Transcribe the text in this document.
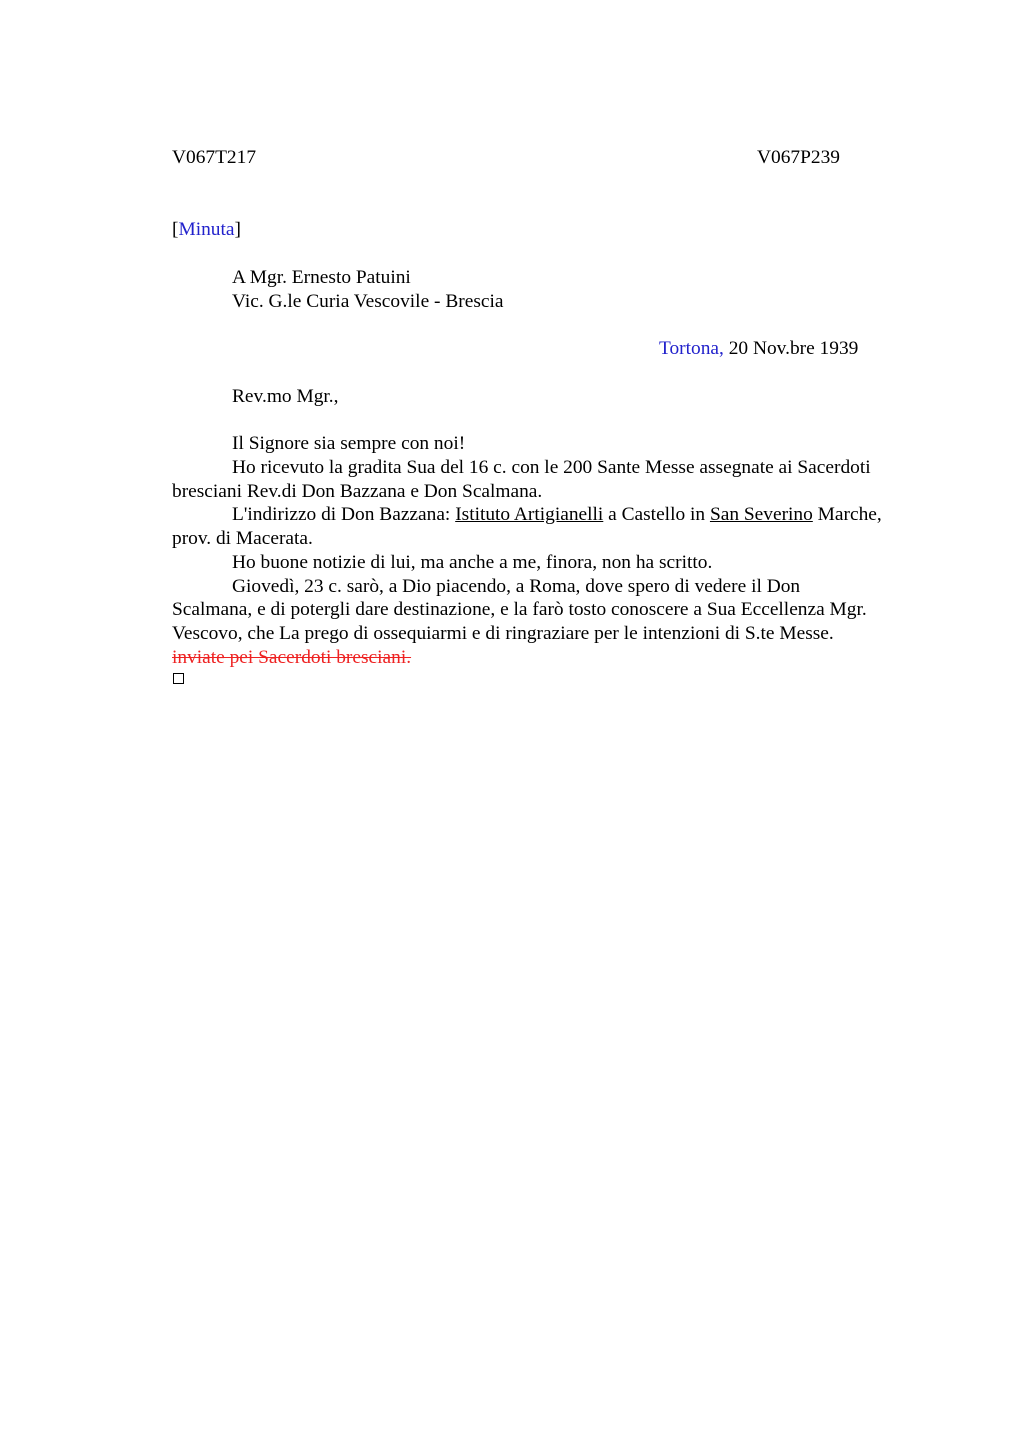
V067T217	V067P239
[Minuta]
A Mgr. Ernesto Patuini
Vic. G.le Curia Vescovile - Brescia
Tortona, 20 Nov.bre 1939
Rev.mo Mgr.,
Il Signore sia sempre con noi!
Ho ricevuto la gradita Sua del 16 c. con le 200 Sante Messe assegnate ai Sacerdoti
bresciani Rev.di Don Bazzana e Don Scalmana.
L'indirizzo di Don Bazzana: Istituto Artigianelli a Castello in San Severino Marche,
prov. di Macerata.
Ho buone notizie di lui, ma anche a me, finora, non ha scritto.
Giovedì, 23 c. sarò, a Dio piacendo, a Roma, dove spero di vedere il Don
Scalmana, e di potergli dare destinazione, e la farò tosto conoscere a Sua Eccellenza Mgr.
Vescovo, che La prego di ossequiarmi e di ringraziare per le intenzioni di S.te Messe.
inviate pei Sacerdoti bresciani.
